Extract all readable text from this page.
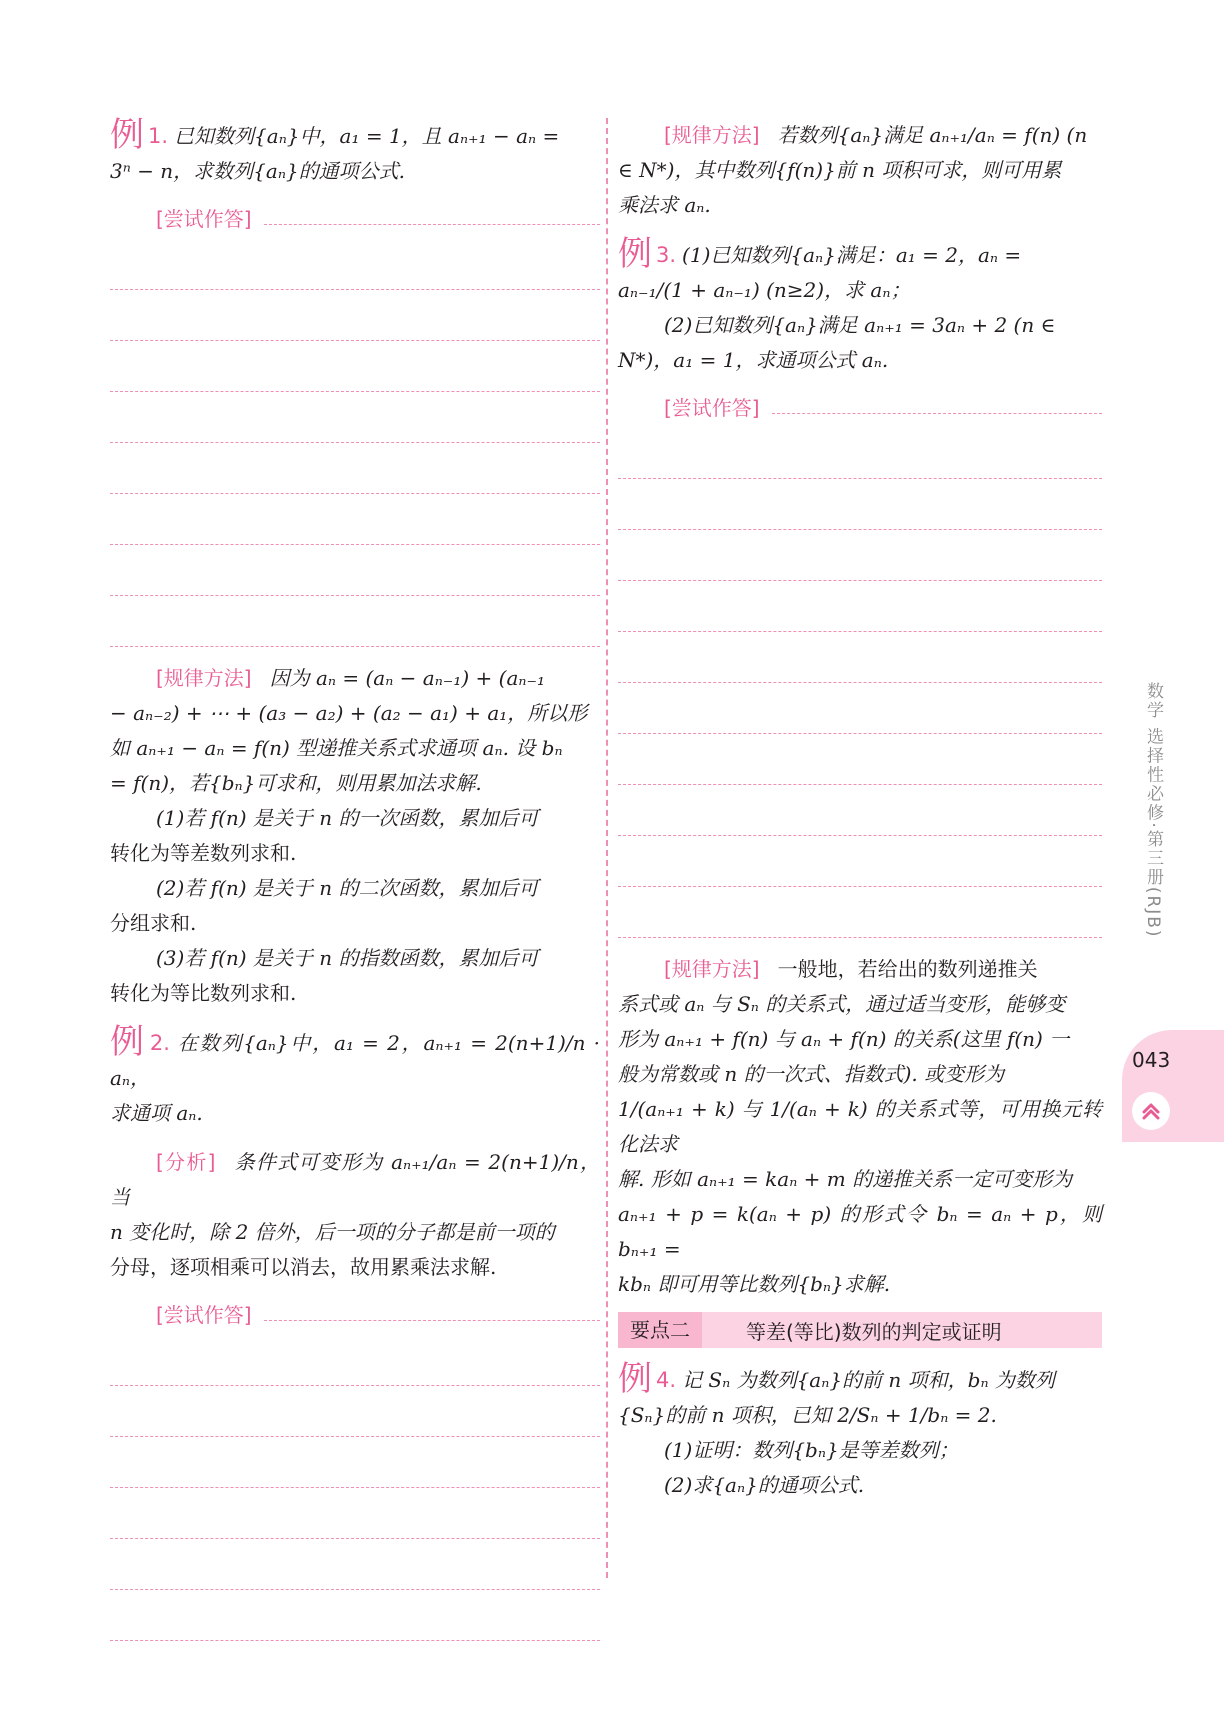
例 1. 已知数列{aₙ}中，a₁ = 1，且 aₙ₊₁ − aₙ =

3ⁿ − n，求数列{aₙ}的通项公式.

[尝试作答]

[规律方法] 因为 aₙ = (aₙ − aₙ₋₁) + (aₙ₋₁

− aₙ₋₂) + ⋯ + (a₃ − a₂) + (a₂ − a₁) + a₁，所以形

如 aₙ₊₁ − aₙ = f(n) 型递推关系式求通项 aₙ. 设 bₙ

= f(n)，若{bₙ}可求和，则用累加法求解.

(1)若 f(n) 是关于 n 的一次函数，累加后可

转化为等差数列求和.

(2)若 f(n) 是关于 n 的二次函数，累加后可

分组求和.

(3)若 f(n) 是关于 n 的指数函数，累加后可

转化为等比数列求和.

例 2. 在数列{aₙ}中，a₁ = 2，aₙ₊₁ = 2(n+1)/n · aₙ，

求通项 aₙ.

[分析] 条件式可变形为 aₙ₊₁/aₙ = 2(n+1)/n，当

n 变化时，除 2 倍外，后一项的分子都是前一项的

分母，逐项相乘可以消去，故用累乘法求解.

[尝试作答]

[规律方法] 若数列{aₙ}满足 aₙ₊₁/aₙ = f(n) (n

∈ N*)，其中数列{f(n)}前 n 项积可求，则可用累

乘法求 aₙ.

例 3. (1)已知数列{aₙ}满足：a₁ = 2，aₙ =

aₙ₋₁/(1 + aₙ₋₁) (n≥2)，求 aₙ；

(2)已知数列{aₙ}满足 aₙ₊₁ = 3aₙ + 2 (n ∈

N*)，a₁ = 1，求通项公式 aₙ.

[尝试作答]

[规律方法] 一般地，若给出的数列递推关

系式或 aₙ 与 Sₙ 的关系式，通过适当变形，能够变

形为 aₙ₊₁ + f(n) 与 aₙ + f(n) 的关系(这里 f(n) 一

般为常数或 n 的一次式、指数式). 或变形为

1/(aₙ₊₁ + k) 与 1/(aₙ + k) 的关系式等，可用换元转化法求

解. 形如 aₙ₊₁ = kaₙ + m 的递推关系一定可变形为

aₙ₊₁ + p = k(aₙ + p) 的形式令 bₙ = aₙ + p，则 bₙ₊₁ =

kbₙ 即可用等比数列{bₙ}求解.

要点二	等差(等比)数列的判定或证明

例 4. 记 Sₙ 为数列{aₙ}的前 n 项和，bₙ 为数列

{Sₙ}的前 n 项积，已知 2/Sₙ + 1/bₙ = 2.

(1)证明：数列{bₙ}是等差数列；

(2)求{aₙ}的通项公式.

数学 选择性必修·第三册(RJB)
043
